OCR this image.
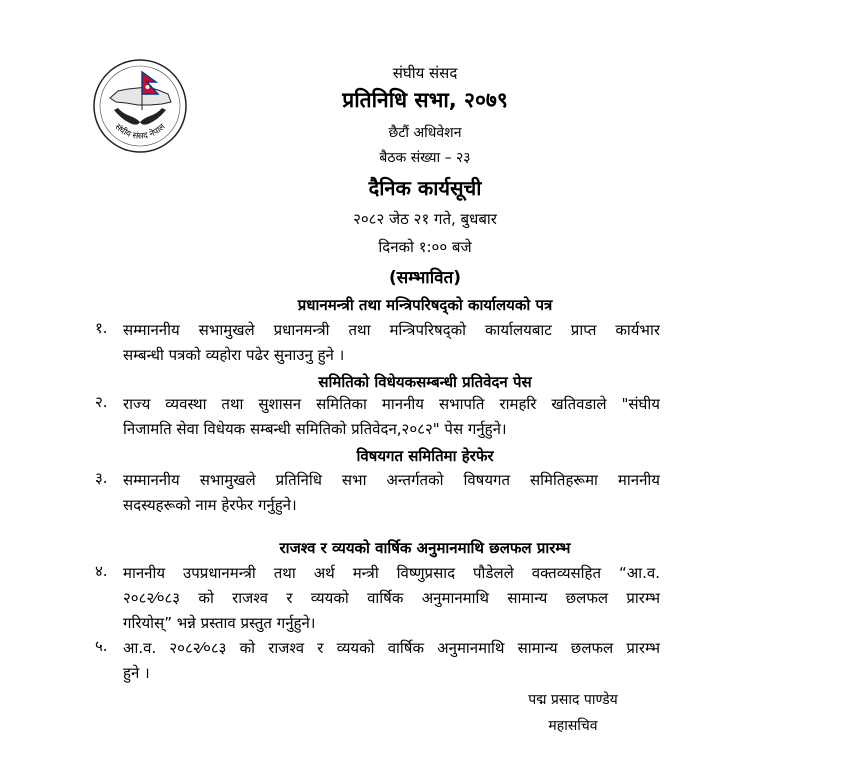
संघीय संसद नेपाल
संघीय संसद
प्रतिनिधि सभा, २०७९
छैटौं अधिवेशन
बैठक संख्या – २३
दैनिक कार्यसूची
२०८२ जेठ २१ गते, बुधबार
दिनको १:०० बजे
(सम्भावित)
प्रधानमन्त्री तथा मन्त्रिपरिषद्को कार्यालयको पत्र
१.	सम्माननीय सभामुखले प्रधानमन्त्री तथा मन्त्रिपरिषद्को कार्यालयबाट प्राप्त कार्यभार
सम्बन्धी पत्रको व्यहोरा पढेर सुनाउनु हुने ।
समितिको विधेयकसम्बन्धी प्रतिवेदन पेस
२.	राज्य व्यवस्था तथा सुशासन समितिका माननीय सभापति रामहरि खतिवडाले "संघीय
निजामति सेवा विधेयक सम्बन्धी समितिको प्रतिवेदन,२०८२" पेस गर्नुहुने।
विषयगत समितिमा हेरफेर
३.	सम्माननीय सभामुखले प्रतिनिधि सभा अन्तर्गतको विषयगत समितिहरूमा माननीय
सदस्यहरूको नाम हेरफेर गर्नुहुने।
राजश्व र व्ययको वार्षिक अनुमानमाथि छलफल प्रारम्भ
४.	माननीय उपप्रधानमन्त्री तथा अर्थ मन्त्री विष्णुप्रसाद पौडेलले वक्तव्यसहित “आ.व.
२०८२⁄०८३ को राजश्व र व्ययको वार्षिक अनुमानमाथि सामान्य छलफल प्रारम्भ
गरियोस्” भन्ने प्रस्ताव प्रस्तुत गर्नुहुने।
५.	आ.व. २०८२⁄०८३ को राजश्व र व्ययको वार्षिक अनुमानमाथि सामान्य छलफल प्रारम्भ
हुने ।
पद्म प्रसाद पाण्डेय
महासचिव
